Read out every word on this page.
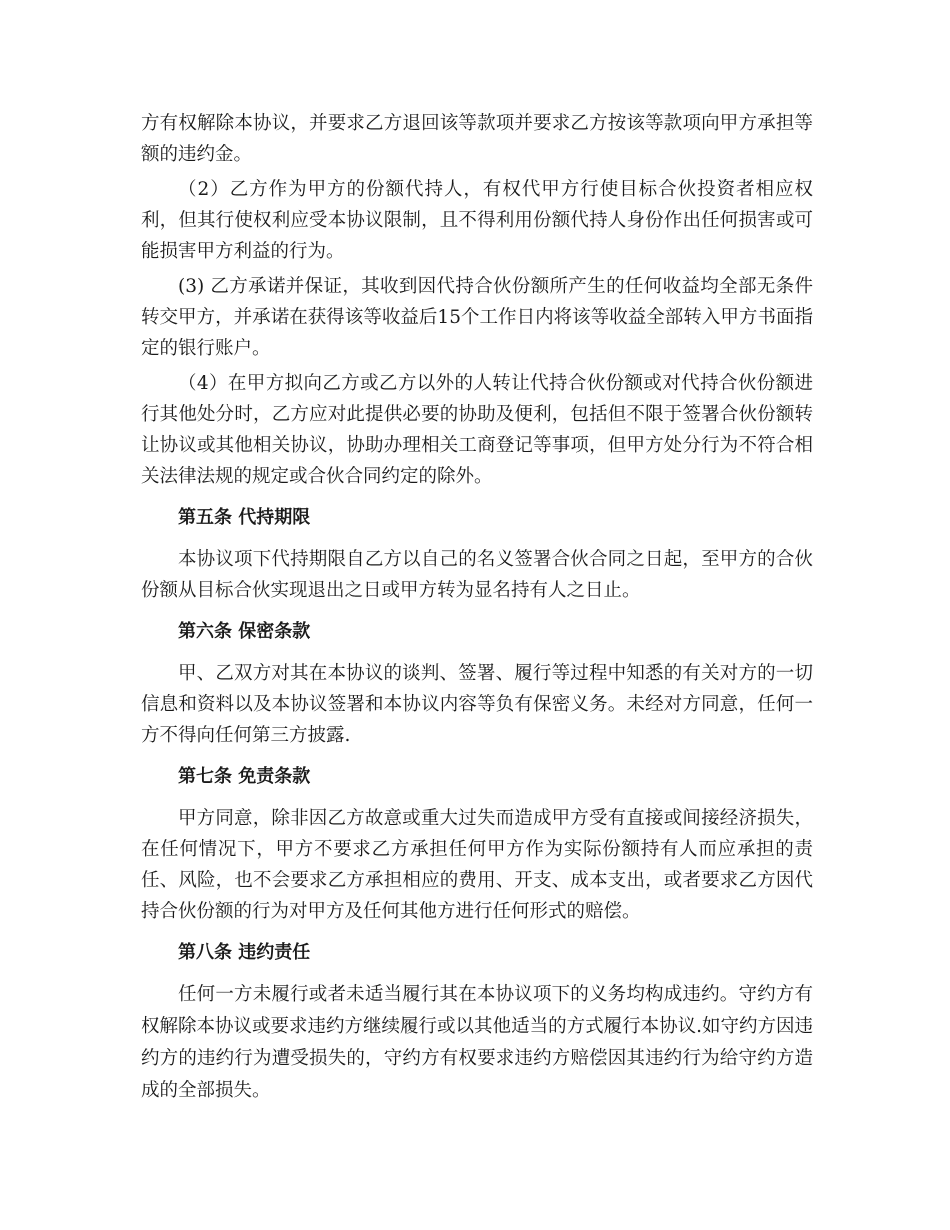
方有权解除本协议，并要求乙方退回该等款项并要求乙方按该等款项向甲方承担等额的违约金。

（2）乙方作为甲方的份额代持人，有权代甲方行使目标合伙投资者相应权利，但其行使权利应受本协议限制，且不得利用份额代持人身份作出任何损害或可能损害甲方利益的行为。

(3) 乙方承诺并保证，其收到因代持合伙份额所产生的任何收益均全部无条件转交甲方，并承诺在获得该等收益后15个工作日内将该等收益全部转入甲方书面指定的银行账户。

（4）在甲方拟向乙方或乙方以外的人转让代持合伙份额或对代持合伙份额进行其他处分时，乙方应对此提供必要的协助及便利，包括但不限于签署合伙份额转让协议或其他相关协议，协助办理相关工商登记等事项，但甲方处分行为不符合相关法律法规的规定或合伙合同约定的除外。

第五条 代持期限

本协议项下代持期限自乙方以自己的名义签署合伙合同之日起，至甲方的合伙份额从目标合伙实现退出之日或甲方转为显名持有人之日止。

第六条 保密条款

甲、乙双方对其在本协议的谈判、签署、履行等过程中知悉的有关对方的一切信息和资料以及本协议签署和本协议内容等负有保密义务。未经对方同意，任何一方不得向任何第三方披露.

第七条 免责条款

甲方同意，除非因乙方故意或重大过失而造成甲方受有直接或间接经济损失，在任何情况下，甲方不要求乙方承担任何甲方作为实际份额持有人而应承担的责任、风险，也不会要求乙方承担相应的费用、开支、成本支出，或者要求乙方因代持合伙份额的行为对甲方及任何其他方进行任何形式的赔偿。

第八条 违约责任

任何一方未履行或者未适当履行其在本协议项下的义务均构成违约。守约方有权解除本协议或要求违约方继续履行或以其他适当的方式履行本协议.如守约方因违约方的违约行为遭受损失的，守约方有权要求违约方赔偿因其违约行为给守约方造成的全部损失。
